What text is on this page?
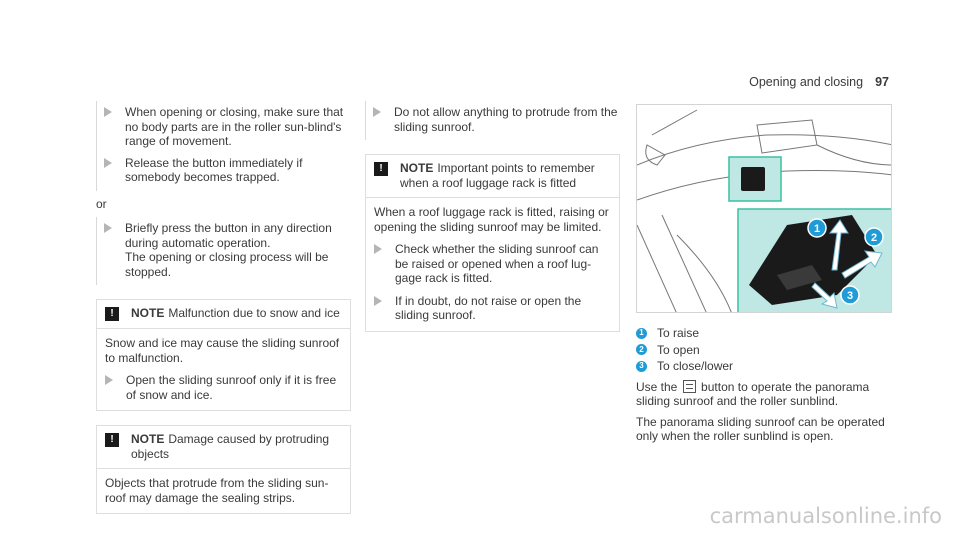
Opening and closing 97
When opening or closing, make sure that no body parts are in the roller sun-blind's range of movement.
Release the button immediately if somebody becomes trapped.
or
Briefly press the button in any direction during automatic operation.
The opening or closing process will be stopped.
!	NOTE Malfunction due to snow and ice
Snow and ice may cause the sliding sunroof to malfunction.
Open the sliding sunroof only if it is free of snow and ice.
!	NOTE Damage caused by protruding objects
Objects that protrude from the sliding sun-roof may damage the sealing strips.
Do not allow anything to protrude from the sliding sunroof.
!	NOTE Important points to remember when a roof luggage rack is fitted
When a roof luggage rack is fitted, raising or opening the sliding sunroof may be limited.
Check whether the sliding sunroof can be raised or opened when a roof lug-gage rack is fitted.
If in doubt, do not raise or open the sliding sunroof.
1
2
3
1 To raise
2 To open
3 To close/lower
Use the button to operate the panorama sliding sunroof and the roller sunblind.
The panorama sliding sunroof can be operated only when the roller sunblind is open.
carmanualsonline.info
